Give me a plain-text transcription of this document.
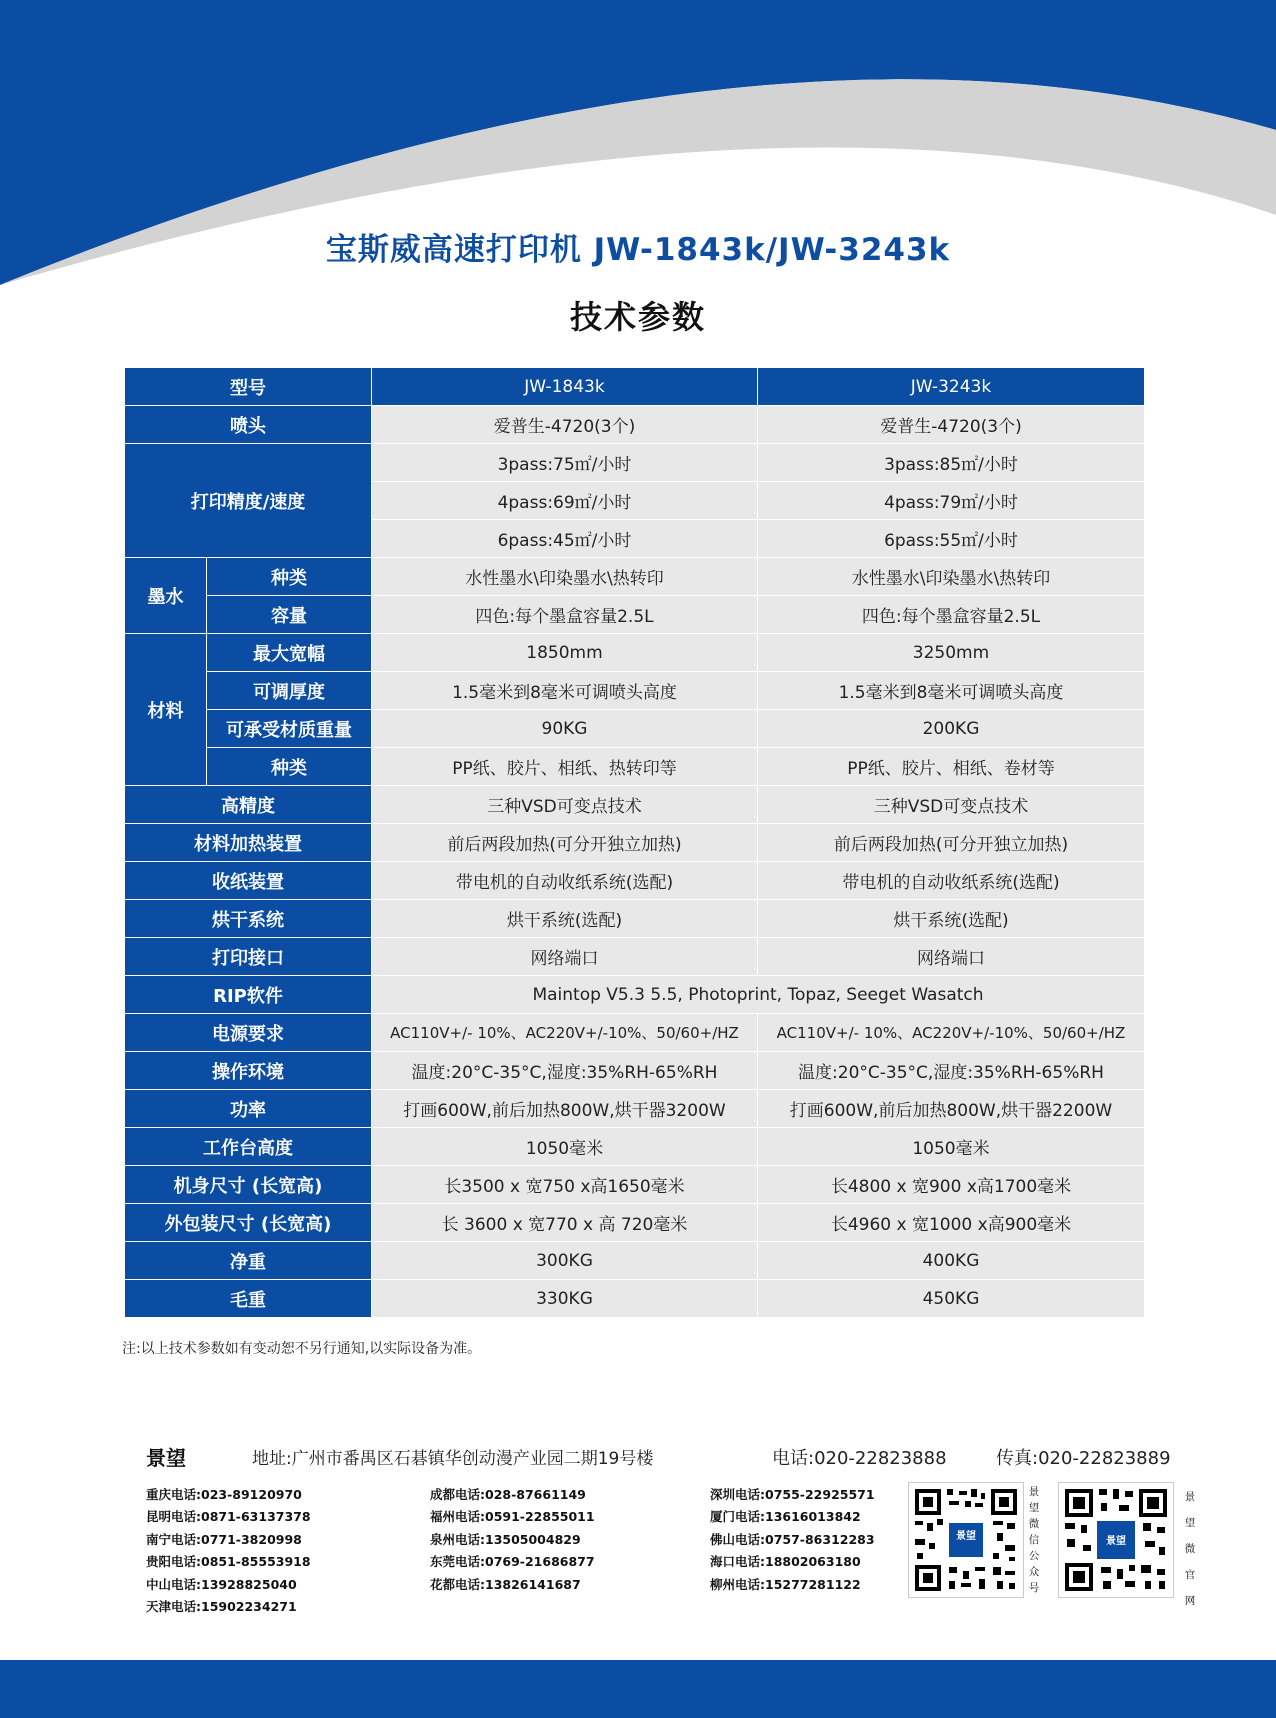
宝斯威高速打印机 JW-1843k/JW-3243k
技术参数
型号		JW-1843k	JW-3243k
喷头		爱普生-4720(3个)	爱普生-4720(3个)
打印精度/速度		3pass:75㎡/小时	3pass:85㎡/小时
		4pass:69㎡/小时	4pass:79㎡/小时
		6pass:45㎡/小时	6pass:55㎡/小时
墨水	种类	水性墨水\印染墨水\热转印	水性墨水\印染墨水\热转印
	容量	四色:每个墨盒容量2.5L	四色:每个墨盒容量2.5L
材料	最大宽幅	1850mm	3250mm
	可调厚度	1.5毫米到8毫米可调喷头高度	1.5毫米到8毫米可调喷头高度
	可承受材质重量	90KG	200KG
	种类	PP纸、胶片、相纸、热转印等	PP纸、胶片、相纸、卷材等
高精度		三种VSD可变点技术	三种VSD可变点技术
材料加热装置		前后两段加热(可分开独立加热)	前后两段加热(可分开独立加热)
收纸装置		带电机的自动收纸系统(选配)	带电机的自动收纸系统(选配)
烘干系统		烘干系统(选配)	烘干系统(选配)
打印接口		网络端口	网络端口
RIP软件		Maintop V5.3 5.5, Photoprint, Topaz, Seeget Wasatch	
电源要求		AC110V+/- 10%、AC220V+/-10%、50/60+/HZ	AC110V+/- 10%、AC220V+/-10%、50/60+/HZ
操作环境		温度:20°C-35°C,湿度:35%RH-65%RH	温度:20°C-35°C,湿度:35%RH-65%RH
功率		打画600W,前后加热800W,烘干器3200W	打画600W,前后加热800W,烘干器2200W
工作台高度		1050毫米	1050毫米
机身尺寸 (长宽高)		长3500 x 宽750 x高1650毫米	长4800 x 宽900 x高1700毫米
外包装尺寸 (长宽高)		长 3600 x 宽770 x 高 720毫米	长4960 x 宽1000 x高900毫米
净重		300KG	400KG
毛重		330KG	450KG
注:以上技术参数如有变动恕不另行通知,以实际设备为准。
景望	地址:广州市番禺区石碁镇华创动漫产业园二期19号楼	电话:020-22823888	传真:020-22823889
重庆电话:023-89120970
昆明电话:0871-63137378
南宁电话:0771-3820998
贵阳电话:0851-85553918
中山电话:13928825040
天津电话:15902234271
成都电话:028-87661149
福州电话:0591-22855011
泉州电话:13505004829
东莞电话:0769-21686877
花都电话:13826141687
深圳电话:0755-22925571
厦门电话:13616013842
佛山电话:0757-86312283
海口电话:18802063180
柳州电话:15277281122
景望
景望微信公众号
景望
景望微官网
